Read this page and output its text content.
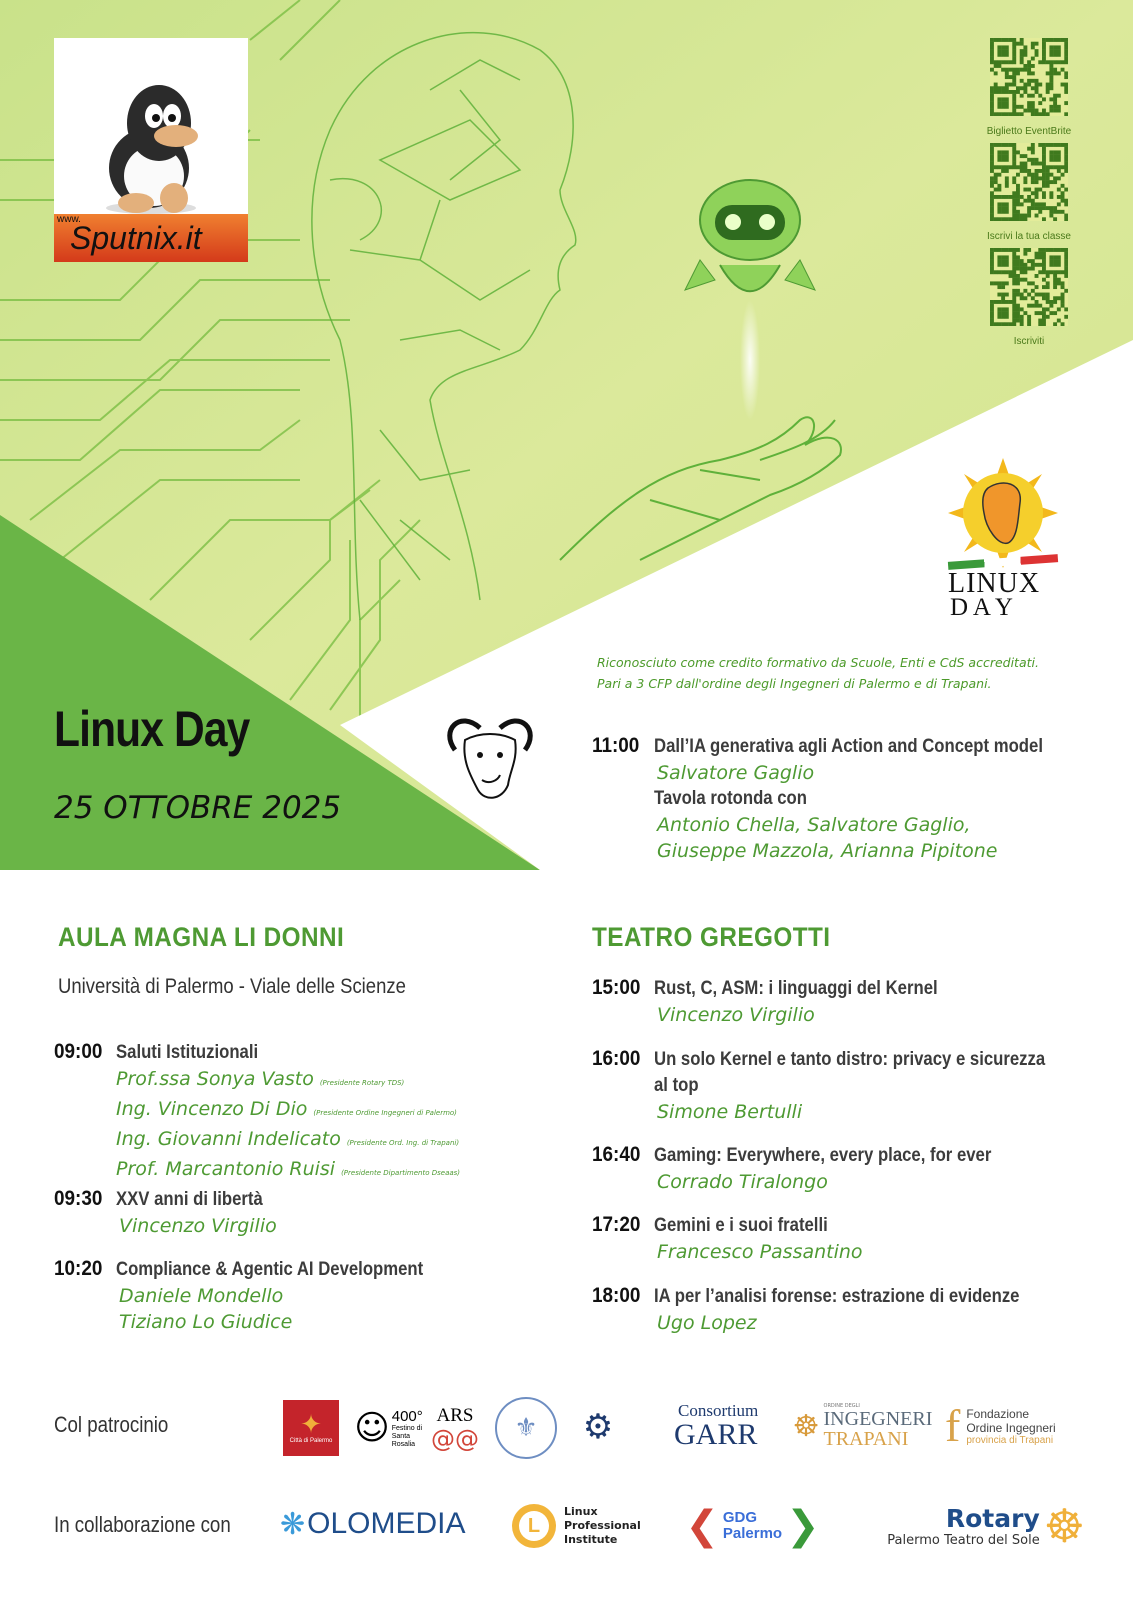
www.
Sputnix.it
Biglietto EventBrite
Iscrivi la tua classe
Iscriviti
LINUX
D A Y
Riconosciuto come credito formativo da Scuole, Enti e CdS accreditati.
Pari a 3 CFP dall'ordine degli Ingegneri di Palermo e di Trapani.
Linux Day
25 OTTOBRE 2025
11:00 Dall’IA generativa agli Action and Concept model
Salvatore Gaglio
Tavola rotonda con
Antonio Chella, Salvatore Gaglio,
Giuseppe Mazzola, Arianna Pipitone
AULA MAGNA LI DONNI
Università di Palermo - Viale delle Scienze
09:00 Saluti Istituzionali
Prof.ssa Sonya Vasto (Presidente Rotary TDS)
Ing. Vincenzo Di Dio (Presidente Ordine Ingegneri di Palermo)
Ing. Giovanni Indelicato (Presidente Ord. Ing. di Trapani)
Prof. Marcantonio Ruisi (Presidente Dipartimento Dseaas)
09:30 XXV anni di libertà
Vincenzo Virgilio
10:20 Compliance & Agentic AI Development
Daniele Mondello
Tiziano Lo Giudice
TEATRO GREGOTTI
15:00 Rust, C, ASM: i linguaggi del Kernel
Vincenzo Virgilio
16:00 Un solo Kernel e tanto distro: privacy e sicurezza
al top
Simone Bertulli
16:40 Gaming: Everywhere, every place, for ever
Corrado Tiralongo
17:20 Gemini e i suoi fratelli
Francesco Passantino
18:00 IA per l’analisi forense: estrazione di evidenze
Ugo Lopez
Col patrocinio	✦
Città di Palermo ☺ 400°
Festino di Santa Rosalia
ARS
@@	⚜	⚙	Consortium
GARR ☸
ORDINE DEGLI
INGEGNERI
TRAPANI f Fondazione
Ordine Ingegneri
provincia di Trapani
In collaborazione con ❋ OLOMEDIA	L
Linux
Professional
Institute	❮ GDG
Palermo ❯	Rotary
Palermo Teatro del Sole ☸
